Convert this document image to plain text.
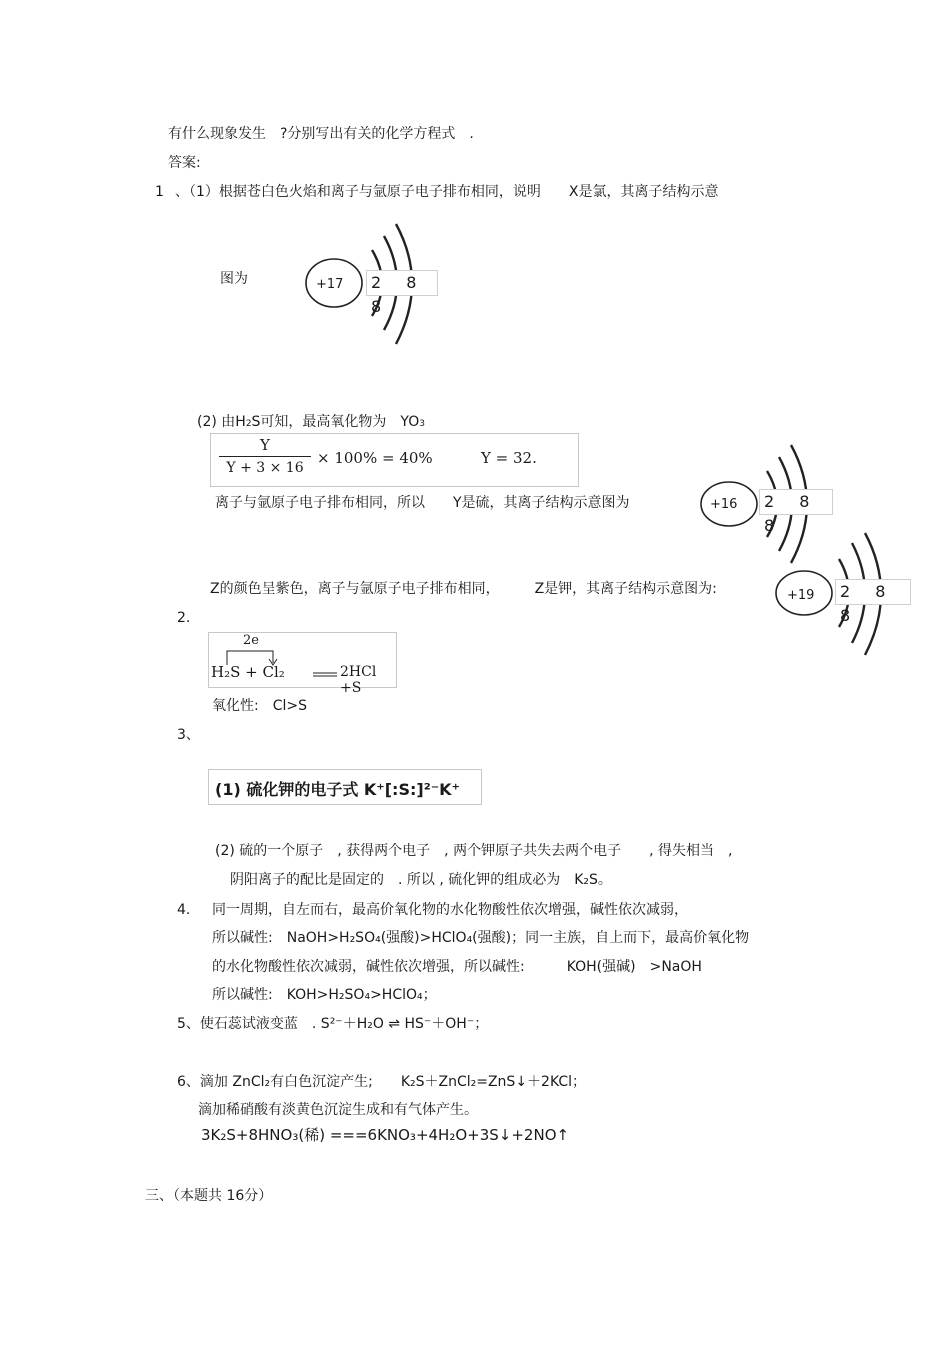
有什么现象发生　?分别写出有关的化学方程式　.
答案:
1 、（1）根据苍白色火焰和离子与氩原子电子排布相同，说明　　X是氯，其离子结构示意
图为	+17	2 8 8
(2) 由H2S可知，最高氧化物为　YO3
Y
Y + 3 × 16
× 100% = 40%	Y = 32.
离子与氩原子电子排布相同，所以　　Y是硫，其离子结构示意图为	+16	2 8 8
Z的颜色呈紫色，离子与氩原子电子排布相同，　　　Z是钾，其离子结构示意图为:	+19	2 8 8
2.
2e
H₂S + Cl₂	2HCl +S
氧化性:　Cl>S
3、
(1) 硫化钾的电子式 K⁺[:S:]²⁻K⁺
(2) 硫的一个原子　, 获得两个电子　, 两个钾原子共失去两个电子　　, 得失相当　,
阴阳离子的配比是固定的　. 所以 , 硫化钾的组成必为　K₂S。
4. 同一周期，自左而右，最高价氧化物的水化物酸性依次增强，碱性依次减弱，
所以碱性:　NaOH>H₂SO₄(强酸)>HClO₄(强酸)；同一主族，自上而下，最高价氧化物
的水化物酸性依次减弱，碱性依次增强，所以碱性:　　　KOH(强碱)　>NaOH
所以碱性:　KOH>H₂SO₄>HClO₄；
5、使石蕊试液变蓝　. S²⁻＋H₂O ⇌ HS⁻＋OH⁻；
6、滴加 ZnCl₂有白色沉淀产生;　　K₂S＋ZnCl₂=ZnS↓＋2KCl；
滴加稀硝酸有淡黄色沉淀生成和有气体产生。
3K₂S+8HNO₃(稀) ===6KNO₃+4H₂O+3S↓+2NO↑
三、（本题共 16分）
